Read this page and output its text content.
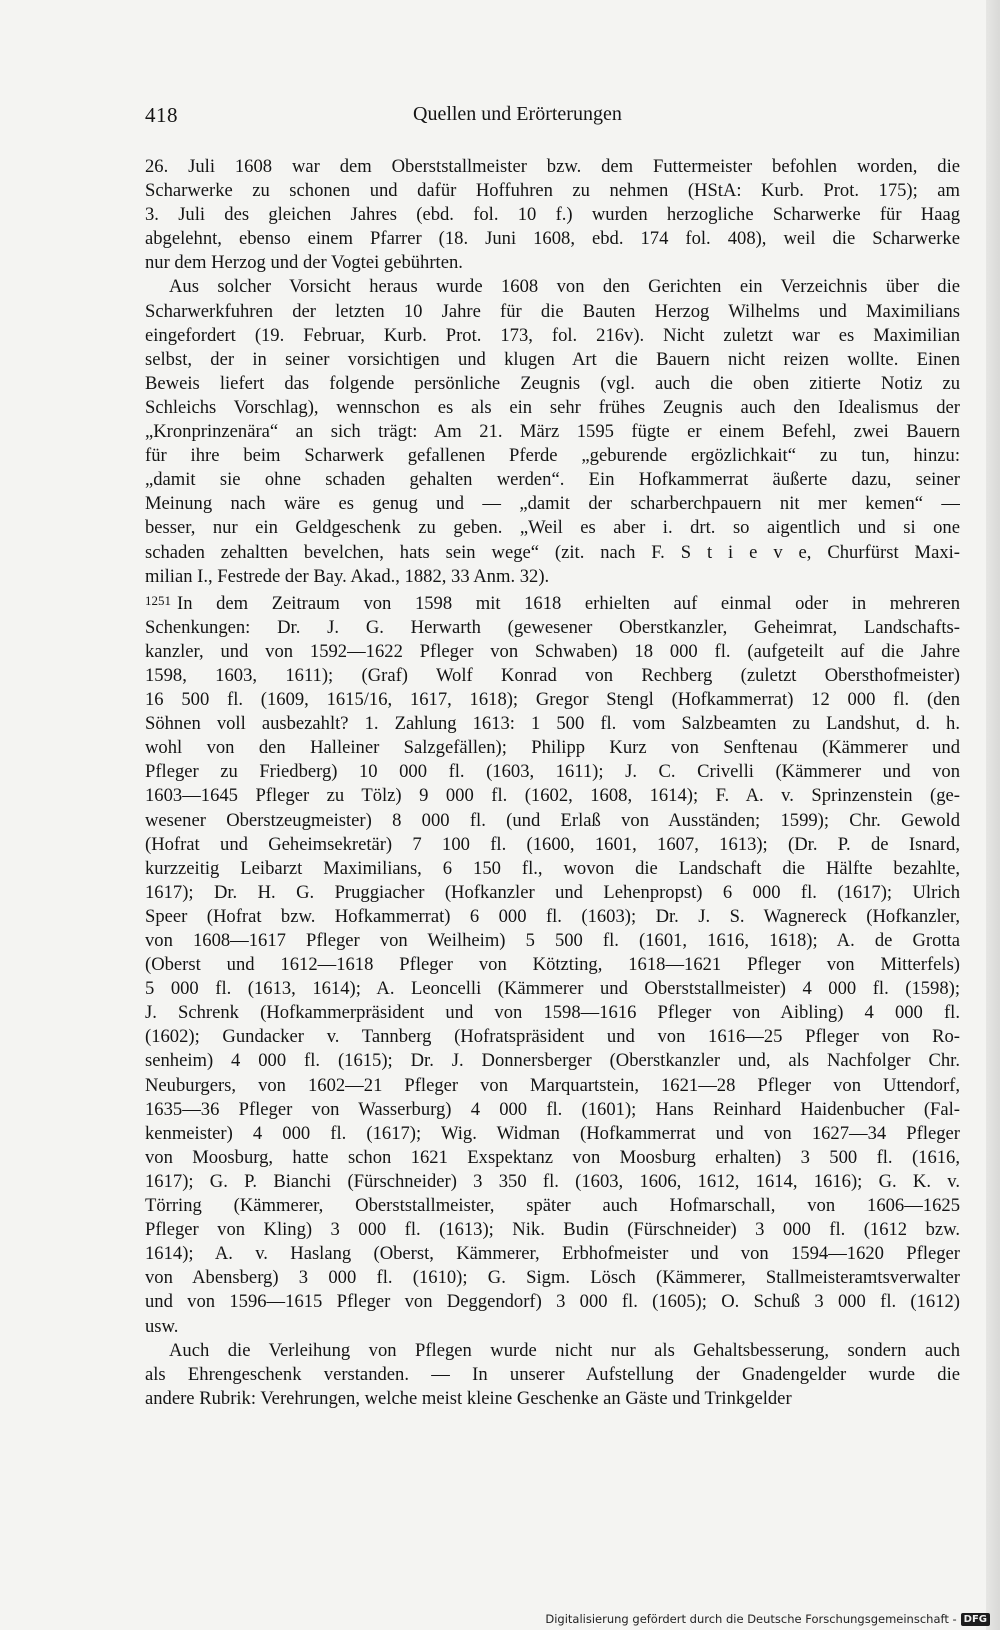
418	Quellen und Erörterungen
26. Juli 1608 war dem Oberststallmeister bzw. dem Futtermeister befohlen worden, die
Scharwerke zu schonen und dafür Hoffuhren zu nehmen (HStA: Kurb. Prot. 175); am
3. Juli des gleichen Jahres (ebd. fol. 10 f.) wurden herzogliche Scharwerke für Haag
abgelehnt, ebenso einem Pfarrer (18. Juni 1608, ebd. 174 fol. 408), weil die Scharwerke
nur dem Herzog und der Vogtei gebührten.
Aus solcher Vorsicht heraus wurde 1608 von den Gerichten ein Verzeichnis über die
Scharwerkfuhren der letzten 10 Jahre für die Bauten Herzog Wilhelms und Maximilians
eingefordert (19. Februar, Kurb. Prot. 173, fol. 216v). Nicht zuletzt war es Maximilian
selbst, der in seiner vorsichtigen und klugen Art die Bauern nicht reizen wollte. Einen
Beweis liefert das folgende persönliche Zeugnis (vgl. auch die oben zitierte Notiz zu
Schleichs Vorschlag), wennschon es als ein sehr frühes Zeugnis auch den Idealismus der
„Kronprinzenära“ an sich trägt: Am 21. März 1595 fügte er einem Befehl, zwei Bauern
für ihre beim Scharwerk gefallenen Pferde „geburende ergözlichkait“ zu tun, hinzu:
„damit sie ohne schaden gehalten werden“. Ein Hofkammerrat äußerte dazu, seiner
Meinung nach wäre es genug und — „damit der scharberchpauern nit mer kemen“ —
besser, nur ein Geldgeschenk zu geben. „Weil es aber i. drt. so aigentlich und si one
schaden zehaltten bevelchen, hats sein wege“ (zit. nach F. S t i e v e, Churfürst Maxi-
milian I., Festrede der Bay. Akad., 1882, 33 Anm. 32).
$^{1251}$ In dem Zeitraum von 1598 mit 1618 erhielten auf einmal oder in mehreren
Schenkungen: Dr. J. G. Herwarth (gewesener Oberstkanzler, Geheimrat, Landschafts-
kanzler, und von 1592—1622 Pfleger von Schwaben) 18 000 fl. (aufgeteilt auf die Jahre
1598, 1603, 1611); (Graf) Wolf Konrad von Rechberg (zuletzt Obersthofmeister)
16 500 fl. (1609, 1615/16, 1617, 1618); Gregor Stengl (Hofkammerrat) 12 000 fl. (den
Söhnen voll ausbezahlt? 1. Zahlung 1613: 1 500 fl. vom Salzbeamten zu Landshut, d. h.
wohl von den Halleiner Salzgefällen); Philipp Kurz von Senftenau (Kämmerer und
Pfleger zu Friedberg) 10 000 fl. (1603, 1611); J. C. Crivelli (Kämmerer und von
1603—1645 Pfleger zu Tölz) 9 000 fl. (1602, 1608, 1614); F. A. v. Sprinzenstein (ge-
wesener Oberstzeugmeister) 8 000 fl. (und Erlaß von Ausständen; 1599); Chr. Gewold
(Hofrat und Geheimsekretär) 7 100 fl. (1600, 1601, 1607, 1613); (Dr. P. de Isnard,
kurzzeitig Leibarzt Maximilians, 6 150 fl., wovon die Landschaft die Hälfte bezahlte,
1617); Dr. H. G. Pruggiacher (Hofkanzler und Lehenpropst) 6 000 fl. (1617); Ulrich
Speer (Hofrat bzw. Hofkammerrat) 6 000 fl. (1603); Dr. J. S. Wagnereck (Hofkanzler,
von 1608—1617 Pfleger von Weilheim) 5 500 fl. (1601, 1616, 1618); A. de Grotta
(Oberst und 1612—1618 Pfleger von Kötzting, 1618—1621 Pfleger von Mitterfels)
5 000 fl. (1613, 1614); A. Leoncelli (Kämmerer und Oberststallmeister) 4 000 fl. (1598);
J. Schrenk (Hofkammerpräsident und von 1598—1616 Pfleger von Aibling) 4 000 fl.
(1602); Gundacker v. Tannberg (Hofratspräsident und von 1616—25 Pfleger von Ro-
senheim) 4 000 fl. (1615); Dr. J. Donnersberger (Oberstkanzler und, als Nachfolger Chr.
Neuburgers, von 1602—21 Pfleger von Marquartstein, 1621—28 Pfleger von Uttendorf,
1635—36 Pfleger von Wasserburg) 4 000 fl. (1601); Hans Reinhard Haidenbucher (Fal-
kenmeister) 4 000 fl. (1617); Wig. Widman (Hofkammerrat und von 1627—34 Pfleger
von Moosburg, hatte schon 1621 Exspektanz von Moosburg erhalten) 3 500 fl. (1616,
1617); G. P. Bianchi (Fürschneider) 3 350 fl. (1603, 1606, 1612, 1614, 1616); G. K. v.
Törring (Kämmerer, Oberststallmeister, später auch Hofmarschall, von 1606—1625
Pfleger von Kling) 3 000 fl. (1613); Nik. Budin (Fürschneider) 3 000 fl. (1612 bzw.
1614); A. v. Haslang (Oberst, Kämmerer, Erbhofmeister und von 1594—1620 Pfleger
von Abensberg) 3 000 fl. (1610); G. Sigm. Lösch (Kämmerer, Stallmeisteramtsverwalter
und von 1596—1615 Pfleger von Deggendorf) 3 000 fl. (1605); O. Schuß 3 000 fl. (1612)
usw.
Auch die Verleihung von Pflegen wurde nicht nur als Gehaltsbesserung, sondern auch
als Ehrengeschenk verstanden. — In unserer Aufstellung der Gnadengelder wurde die
andere Rubrik: Verehrungen, welche meist kleine Geschenke an Gäste und Trinkgelder
Digitalisierung gefördert durch die Deutsche Forschungsgemeinschaft - DFG
